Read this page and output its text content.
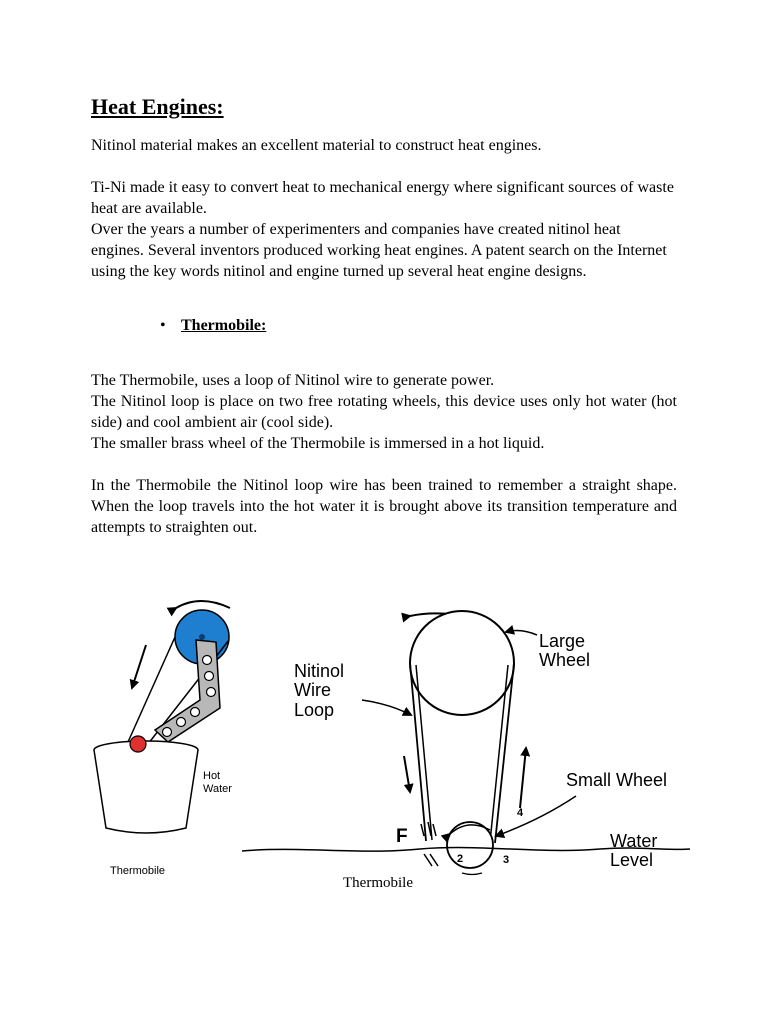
Heat Engines:

Nitinol material makes an excellent material to construct heat engines.

Ti-Ni made it easy to convert heat to mechanical energy where significant sources of waste heat are available.

Over the years a number of experimenters and companies have created nitinol heat engines. Several inventors produced working heat engines. A patent search on the Internet using the key words nitinol and engine turned up several heat engine designs.

• Thermobile:

The Thermobile, uses a loop of Nitinol wire to generate power.

The Nitinol loop is place on two free rotating wheels, this device uses only hot water (hot side) and cool ambient air (cool side).

The smaller brass wheel of the Thermobile is immersed in a hot liquid.

In the Thermobile the Nitinol loop wire has been trained to remember a straight shape. When the loop travels into the hot water it is brought above its transition temperature and attempts to straighten out.

Hot
Water
Thermobile
F
2	3
4
Nitinol
Wire
Loop
Large
Wheel
Small Wheel
Water
Level

Thermobile
